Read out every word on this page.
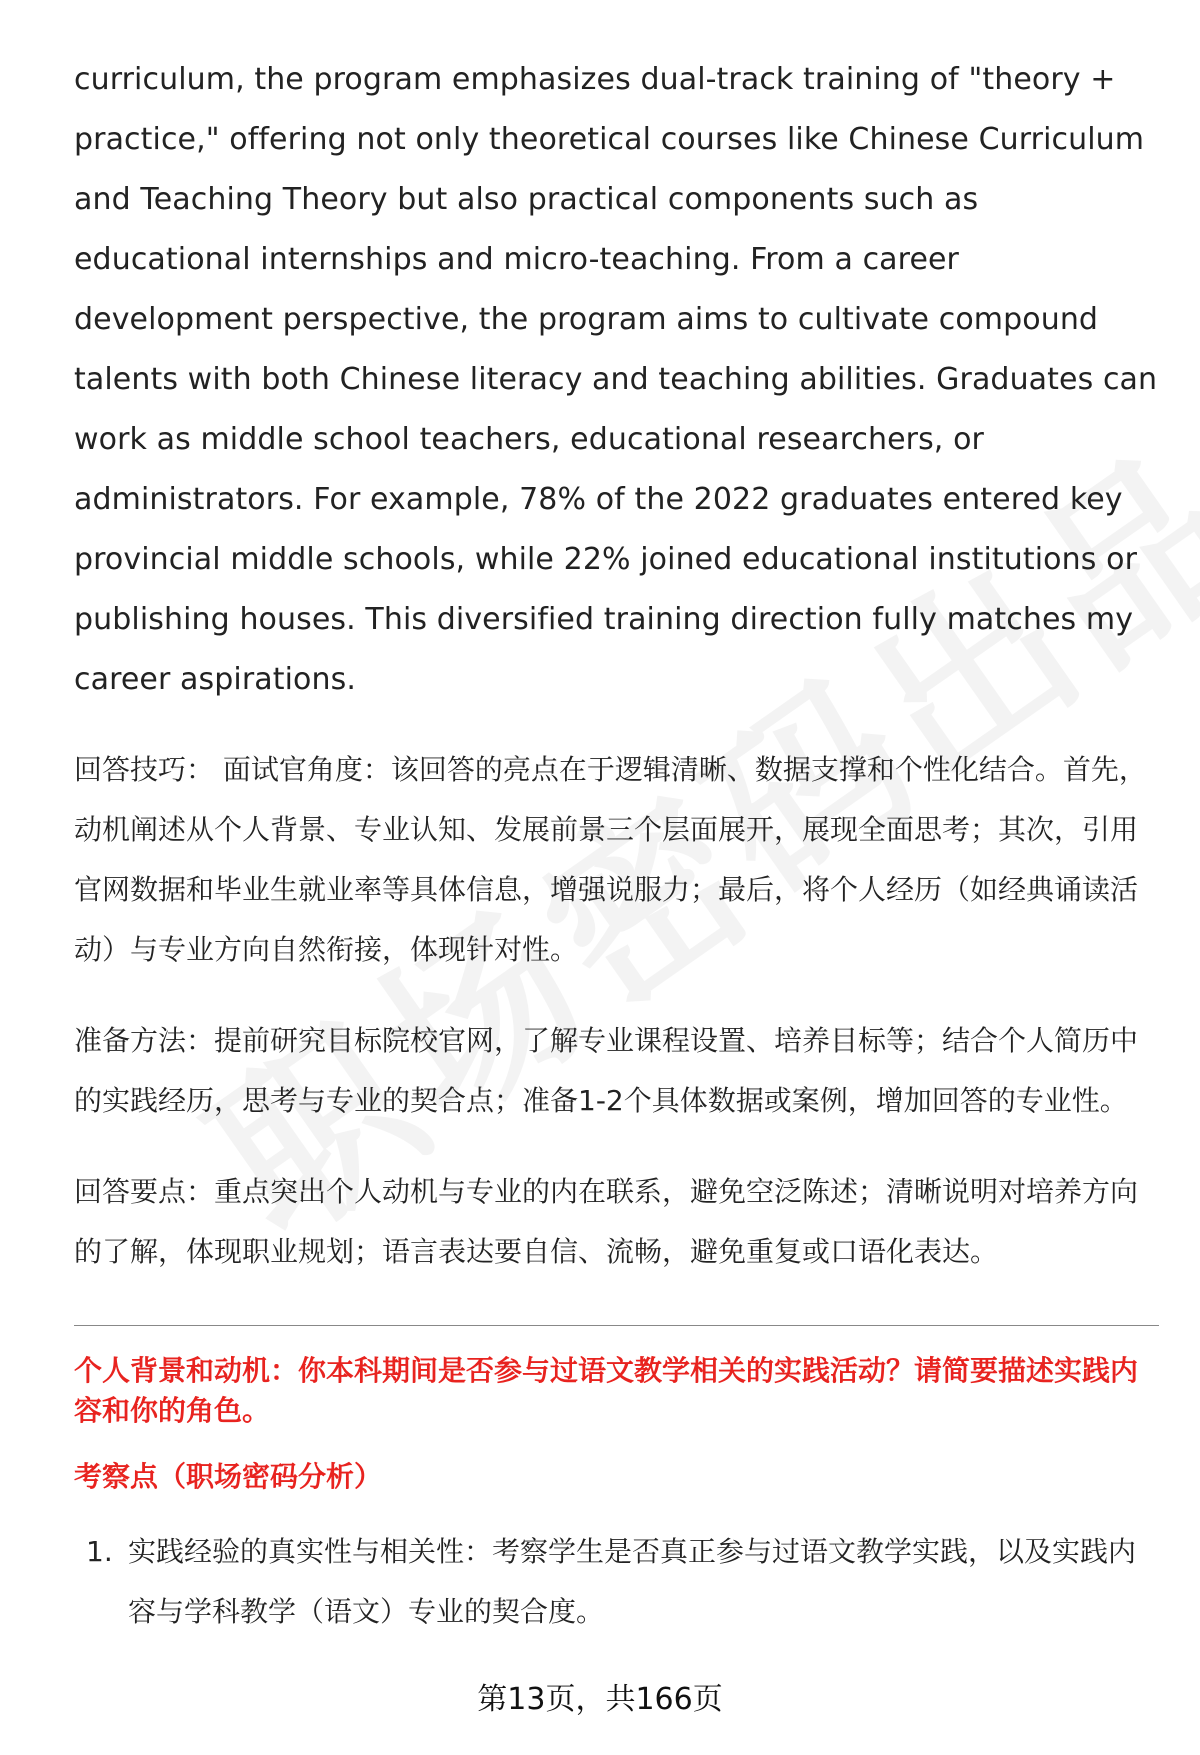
curriculum, the program emphasizes dual-track training of "theory + practice," offering not only theoretical courses like Chinese Curriculum and Teaching Theory but also practical components such as educational internships and micro-teaching. From a career development perspective, the program aims to cultivate compound talents with both Chinese literacy and teaching abilities. Graduates can work as middle school teachers, educational researchers, or administrators. For example, 78% of the 2022 graduates entered key provincial middle schools, while 22% joined educational institutions or publishing houses. This diversified training direction fully matches my career aspirations.

回答技巧： 面试官角度：该回答的亮点在于逻辑清晰、数据支撑和个性化结合。首先，动机阐述从个人背景、专业认知、发展前景三个层面展开，展现全面思考；其次，引用官网数据和毕业生就业率等具体信息，增强说服力；最后，将个人经历（如经典诵读活动）与专业方向自然衔接，体现针对性。

准备方法：提前研究目标院校官网，了解专业课程设置、培养目标等；结合个人简历中的实践经历，思考与专业的契合点；准备1-2个具体数据或案例，增加回答的专业性。

回答要点：重点突出个人动机与专业的内在联系，避免空泛陈述；清晰说明对培养方向的了解，体现职业规划；语言表达要自信、流畅，避免重复或口语化表达。

个人背景和动机：你本科期间是否参与过语文教学相关的实践活动？请简要描述实践内容和你的角色。

考察点（职场密码分析）

1. 实践经验的真实性与相关性：考察学生是否真正参与过语文教学实践，以及实践内容与学科教学（语文）专业的契合度。
第13页，共166页
